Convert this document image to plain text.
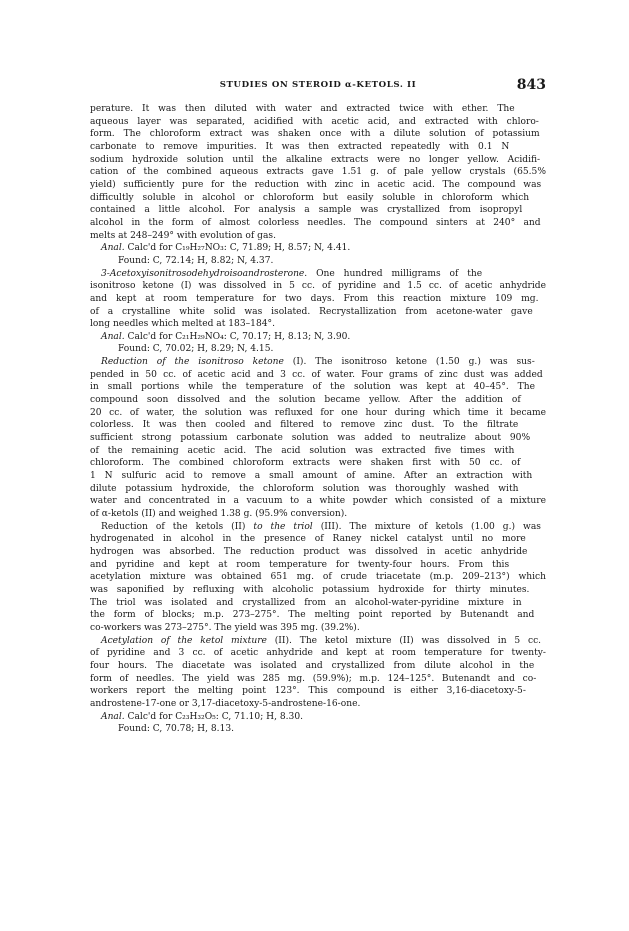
STUDIES ON STEROID α-KETOLS. II	843

perature. It was then diluted with water and extracted twice with ether. The

aqueous layer was separated, acidified with acetic acid, and extracted with chloro-

form. The chloroform extract was shaken once with a dilute solution of potassium

carbonate to remove impurities. It was then extracted repeatedly with 0.1 N

sodium hydroxide solution until the alkaline extracts were no longer yellow. Acidifi-

cation of the combined aqueous extracts gave 1.51 g. of pale yellow crystals (65.5%

yield) sufficiently pure for the reduction with zinc in acetic acid. The compound was

difficultly soluble in alcohol or chloroform but easily soluble in chloroform which

contained a little alcohol. For analysis a sample was crystallized from isopropyl

alcohol in the form of almost colorless needles. The compound sinters at 240° and

melts at 248–249° with evolution of gas.

Anal. Calc'd for C₁₉H₂₇NO₃: C, 71.89; H, 8.57; N, 4.41.

Found: C, 72.14; H, 8.82; N, 4.37.

3-Acetoxyisonitrosodehydroisoandrosterone. One hundred milligrams of the

isonitroso ketone (I) was dissolved in 5 cc. of pyridine and 1.5 cc. of acetic anhydride

and kept at room temperature for two days. From this reaction mixture 109 mg.

of a crystalline white solid was isolated. Recrystallization from acetone-water gave

long needles which melted at 183–184°.

Anal. Calc'd for C₂₁H₂₉NO₄: C, 70.17; H, 8.13; N, 3.90.

Found: C, 70.02; H, 8.29; N, 4.15.

Reduction of the isonitroso ketone (I). The isonitroso ketone (1.50 g.) was sus-

pended in 50 cc. of acetic acid and 3 cc. of water. Four grams of zinc dust was added

in small portions while the temperature of the solution was kept at 40–45°. The

compound soon dissolved and the solution became yellow. After the addition of

20 cc. of water, the solution was refluxed for one hour during which time it became

colorless. It was then cooled and filtered to remove zinc dust. To the filtrate

sufficient strong potassium carbonate solution was added to neutralize about 90%

of the remaining acetic acid. The acid solution was extracted five times with

chloroform. The combined chloroform extracts were shaken first with 50 cc. of

1 N sulfuric acid to remove a small amount of amine. After an extraction with

dilute potassium hydroxide, the chloroform solution was thoroughly washed with

water and concentrated in a vacuum to a white powder which consisted of a mixture

of α-ketols (II) and weighed 1.38 g. (95.9% conversion).

Reduction of the ketols (II) to the triol (III). The mixture of ketols (1.00 g.) was

hydrogenated in alcohol in the presence of Raney nickel catalyst until no more

hydrogen was absorbed. The reduction product was dissolved in acetic anhydride

and pyridine and kept at room temperature for twenty-four hours. From this

acetylation mixture was obtained 651 mg. of crude triacetate (m.p. 209–213°) which

was saponified by refluxing with alcoholic potassium hydroxide for thirty minutes.

The triol was isolated and crystallized from an alcohol-water-pyridine mixture in

the form of blocks; m.p. 273–275°. The melting point reported by Butenandt and

co-workers was 273–275°. The yield was 395 mg. (39.2%).

Acetylation of the ketol mixture (II). The ketol mixture (II) was dissolved in 5 cc.

of pyridine and 3 cc. of acetic anhydride and kept at room temperature for twenty-

four hours. The diacetate was isolated and crystallized from dilute alcohol in the

form of needles. The yield was 285 mg. (59.9%); m.p. 124–125°. Butenandt and co-

workers report the melting point 123°. This compound is either 3,16-diacetoxy-5-

androstene-17-one or 3,17-diacetoxy-5-androstene-16-one.

Anal. Calc'd for C₂₃H₃₂O₅: C, 71.10; H, 8.30.

Found: C, 70.78; H, 8.13.
